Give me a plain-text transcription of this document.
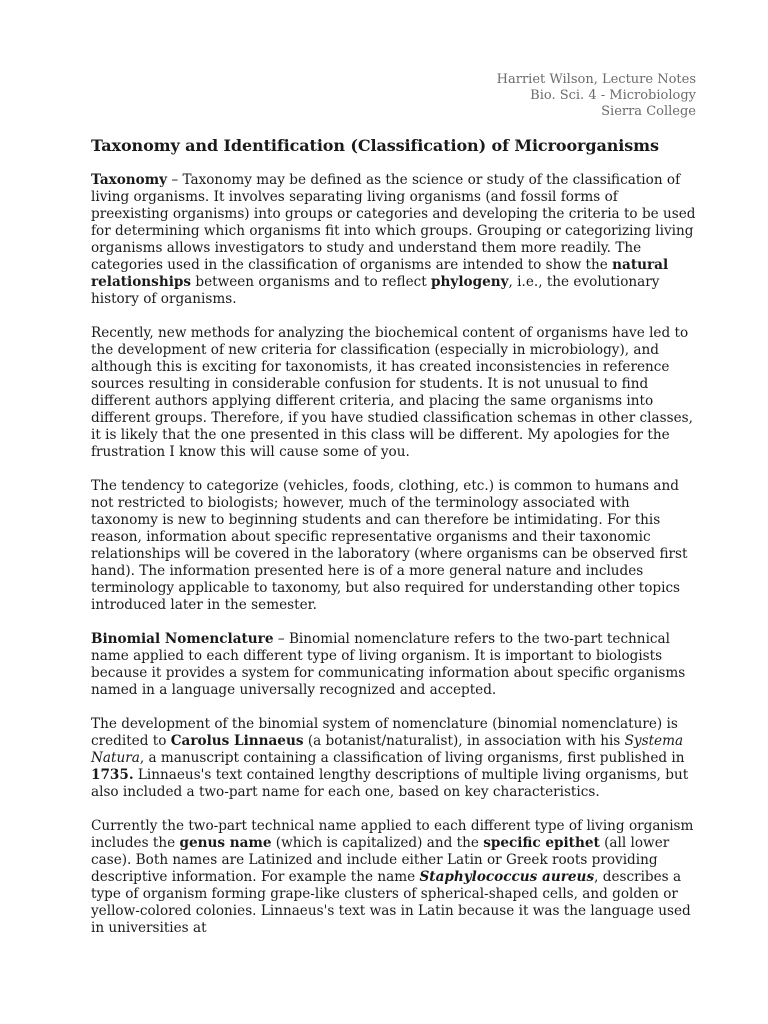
Harriet Wilson, Lecture Notes
Bio. Sci. 4 - Microbiology
Sierra College
Taxonomy and Identification (Classification) of Microorganisms

Taxonomy – Taxonomy may be defined as the science or study of the classification of living organisms. It involves separating living organisms (and fossil forms of preexisting organisms) into groups or categories and developing the criteria to be used for determining which organisms fit into which groups. Grouping or categorizing living organisms allows investigators to study and understand them more readily. The categories used in the classification of organisms are intended to show the natural relationships between organisms and to reflect phylogeny, i.e., the evolutionary history of organisms.

Recently, new methods for analyzing the biochemical content of organisms have led to the development of new criteria for classification (especially in microbiology), and although this is exciting for taxonomists, it has created inconsistencies in reference sources resulting in considerable confusion for students. It is not unusual to find different authors applying different criteria, and placing the same organisms into different groups. Therefore, if you have studied classification schemas in other classes, it is likely that the one presented in this class will be different. My apologies for the frustration I know this will cause some of you.

The tendency to categorize (vehicles, foods, clothing, etc.) is common to humans and not restricted to biologists; however, much of the terminology associated with taxonomy is new to beginning students and can therefore be intimidating. For this reason, information about specific representative organisms and their taxonomic relationships will be covered in the laboratory (where organisms can be observed first hand). The information presented here is of a more general nature and includes terminology applicable to taxonomy, but also required for understanding other topics introduced later in the semester.

Binomial Nomenclature – Binomial nomenclature refers to the two-part technical name applied to each different type of living organism. It is important to biologists because it provides a system for communicating information about specific organisms named in a language universally recognized and accepted.

The development of the binomial system of nomenclature (binomial nomenclature) is credited to Carolus Linnaeus (a botanist/naturalist), in association with his Systema Natura, a manuscript containing a classification of living organisms, first published in 1735. Linnaeus's text contained lengthy descriptions of multiple living organisms, but also included a two-part name for each one, based on key characteristics.

Currently the two-part technical name applied to each different type of living organism includes the genus name (which is capitalized) and the specific epithet (all lower case). Both names are Latinized and include either Latin or Greek roots providing descriptive information. For example the name Staphylococcus aureus, describes a type of organism forming grape-like clusters of spherical-shaped cells, and golden or yellow-colored colonies. Linnaeus's text was in Latin because it was the language used in universities at
